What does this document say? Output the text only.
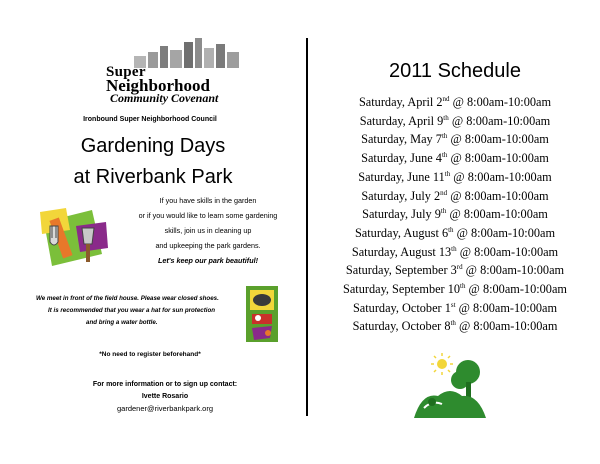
Super
Neighborhood
Community Covenant
Ironbound Super Neighborhood Council
Gardening Days
at Riverbank Park
If you have skills in the garden
or if you would like to learn some gardening
skills, join us in cleaning up
and upkeeping the park gardens.
Let's keep our park beautiful!
We meet in front of the field house. Please wear closed shoes.
It is recommended that you wear a hat for sun protection
and bring a water bottle.
*No need to register beforehand*
For more information or to sign up contact:
Ivette Rosario
gardener@riverbankpark.org
2011 Schedule
Saturday, April 2nd @ 8:00am-10:00am
Saturday, April 9th @ 8:00am-10:00am
Saturday, May 7th @ 8:00am-10:00am
Saturday, June 4th @ 8:00am-10:00am
Saturday, June 11th @ 8:00am-10:00am
Saturday, July 2nd @ 8:00am-10:00am
Saturday, July 9th @ 8:00am-10:00am
Saturday, August 6th @ 8:00am-10:00am
Saturday, August 13th @ 8:00am-10:00am
Saturday, September 3rd @ 8:00am-10:00am
Saturday, September 10th @ 8:00am-10:00am
Saturday, October 1st @ 8:00am-10:00am
Saturday, October 8th @ 8:00am-10:00am
